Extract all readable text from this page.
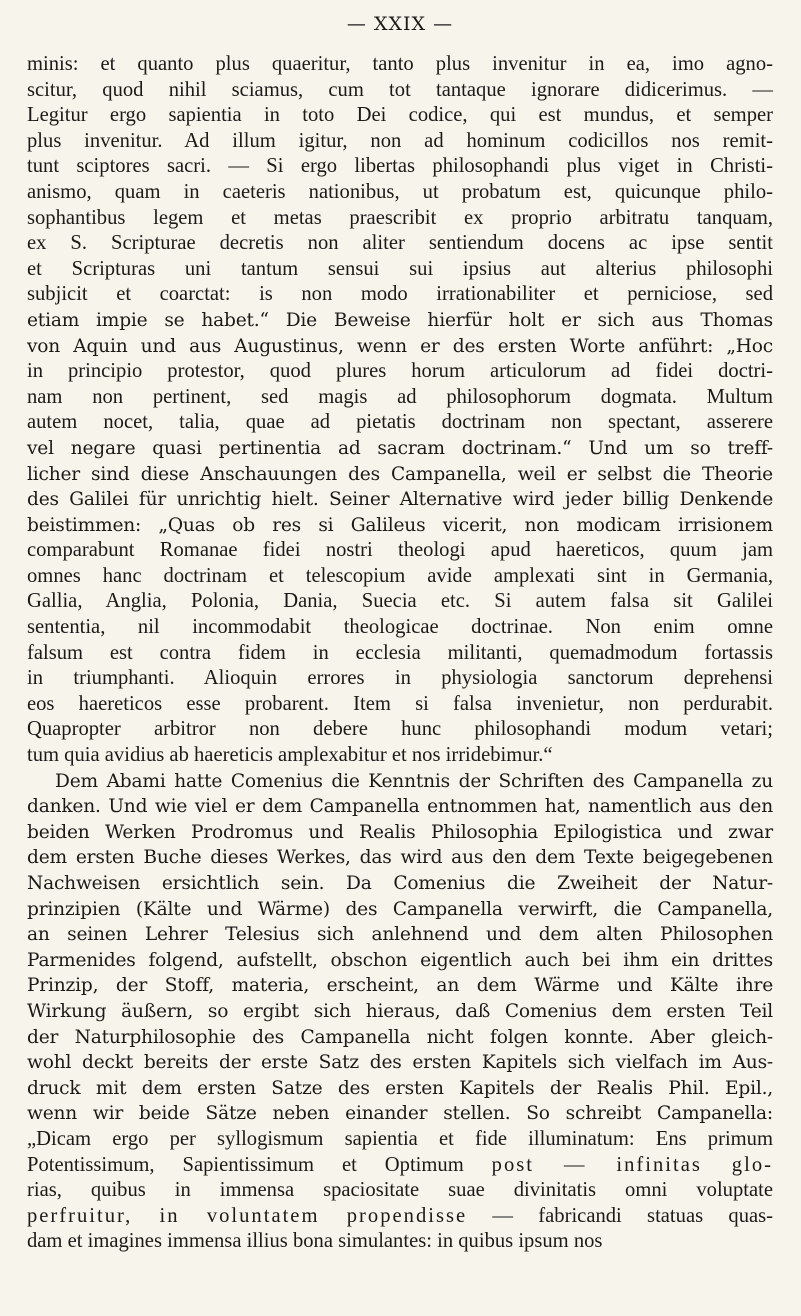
— XXIX —
minis: et quanto plus quaeritur, tanto plus invenitur in ea, imo agno-
scitur, quod nihil sciamus, cum tot tantaque ignorare didicerimus. —
Legitur ergo sapientia in toto Dei codice, qui est mundus, et semper
plus invenitur. Ad illum igitur, non ad hominum codicillos nos remit-
tunt sciptores sacri. — Si ergo libertas philosophandi plus viget in Christi-
anismo, quam in caeteris nationibus, ut probatum est, quicunque philo-
sophantibus legem et metas praescribit ex proprio arbitratu tanquam,
ex S. Scripturae decretis non aliter sentiendum docens ac ipse sentit
et Scripturas uni tantum sensui sui ipsius aut alterius philosophi
subjicit et coarctat: is non modo irrationabiliter et perniciose, sed
etiam impie se habet.“ Die Beweise hierfür holt er sich aus Thomas
von Aquin und aus Augustinus, wenn er des ersten Worte anführt: „Hoc
in principio protestor, quod plures horum articulorum ad fidei doctri-
nam non pertinent, sed magis ad philosophorum dogmata. Multum
autem nocet, talia, quae ad pietatis doctrinam non spectant, asserere
vel negare quasi pertinentia ad sacram doctrinam.“ Und um so treff-
licher sind diese Anschauungen des Campanella, weil er selbst die Theorie
des Galilei für unrichtig hielt. Seiner Alternative wird jeder billig Denkende
beistimmen: „Quas ob res si Galileus vicerit, non modicam irrisionem
comparabunt Romanae fidei nostri theologi apud haereticos, quum jam
omnes hanc doctrinam et telescopium avide amplexati sint in Germania,
Gallia, Anglia, Polonia, Dania, Suecia etc. Si autem falsa sit Galilei
sententia, nil incommodabit theologicae doctrinae. Non enim omne
falsum est contra fidem in ecclesia militanti, quemadmodum fortassis
in triumphanti. Alioquin errores in physiologia sanctorum deprehensi
eos haereticos esse probarent. Item si falsa invenietur, non perdurabit.
Quapropter arbitror non debere hunc philosophandi modum vetari;
tum quia avidius ab haereticis amplexabitur et nos irridebimur.“
Dem Abami hatte Comenius die Kenntnis der Schriften des Campanella zu
danken. Und wie viel er dem Campanella entnommen hat, namentlich aus den
beiden Werken Prodromus und Realis Philosophia Epilogistica und zwar
dem ersten Buche dieses Werkes, das wird aus den dem Texte beigegebenen
Nachweisen ersichtlich sein. Da Comenius die Zweiheit der Natur-
prinzipien (Kälte und Wärme) des Campanella verwirft, die Campanella,
an seinen Lehrer Telesius sich anlehnend und dem alten Philosophen
Parmenides folgend, aufstellt, obschon eigentlich auch bei ihm ein drittes
Prinzip, der Stoff, materia, erscheint, an dem Wärme und Kälte ihre
Wirkung äußern, so ergibt sich hieraus, daß Comenius dem ersten Teil
der Naturphilosophie des Campanella nicht folgen konnte. Aber gleich-
wohl deckt bereits der erste Satz des ersten Kapitels sich vielfach im Aus-
druck mit dem ersten Satze des ersten Kapitels der Realis Phil. Epil.,
wenn wir beide Sätze neben einander stellen. So schreibt Campanella:
„Dicam ergo per syllogismum sapientia et fide illuminatum: Ens primum
Potentissimum, Sapientissimum et Optimum post — infinitas glo-
rias, quibus in immensa spaciositate suae divinitatis omni voluptate
perfruitur, in voluntatem propendisse — fabricandi statuas quas-
dam et imagines immensa illius bona simulantes: in quibus ipsum nos
